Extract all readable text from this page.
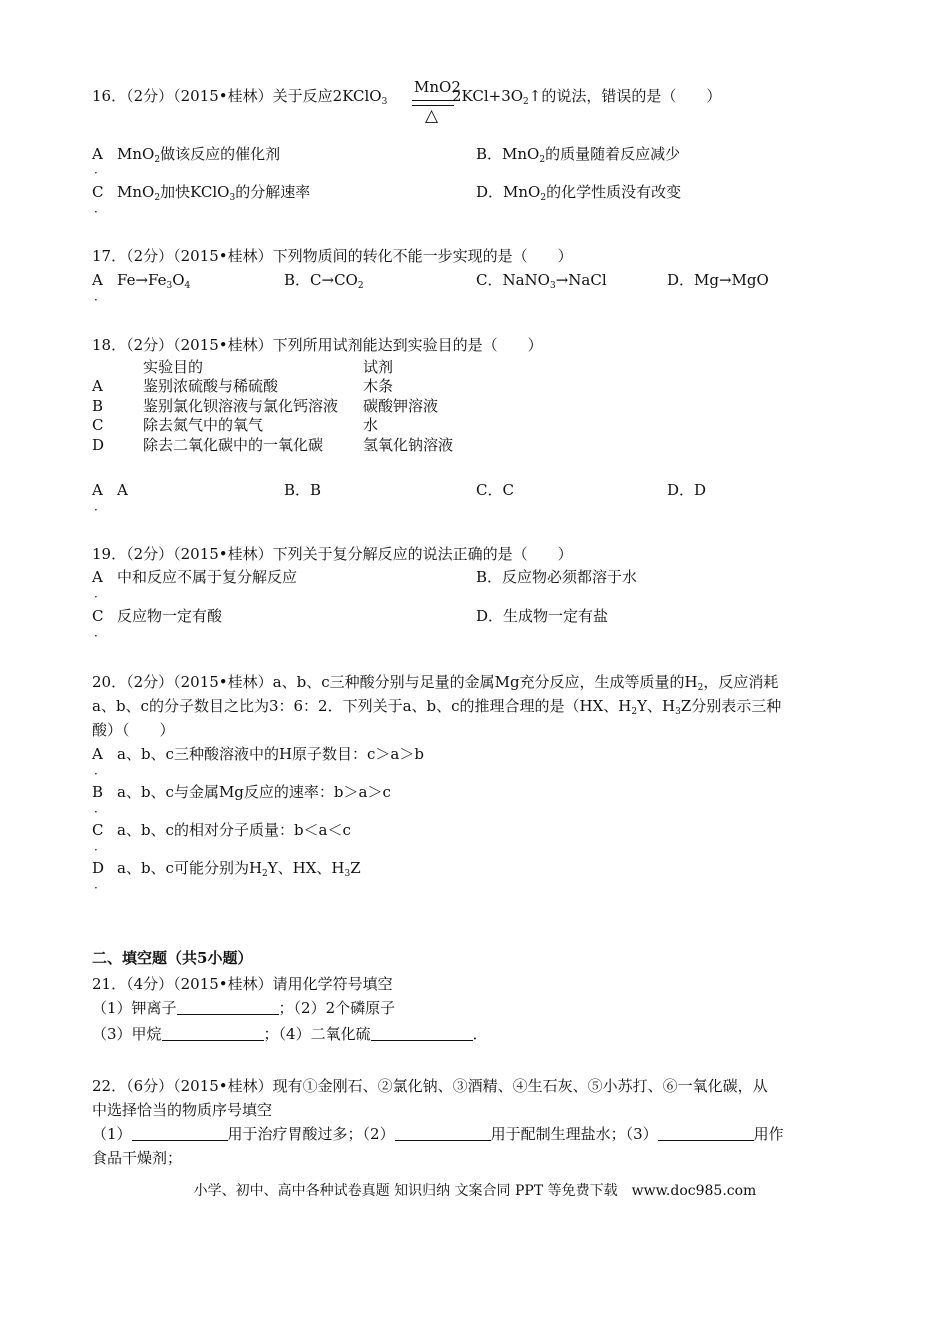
16．（2分）（2015•桂林）关于反应2KClO$_3$
MnO2
△
$2KCl+3O_2↑$的说法，错误的是（　　）
A
·
MnO$_2$做该反应的催化剂	B．MnO$_2$的质量随着反应减少
C
·
MnO$_2$加快KClO$_3$的分解速率	D．MnO$_2$的化学性质没有改变
17．（2分）（2015•桂林）下列物质间的转化不能一步实现的是（　　）
A
·
$Fe\to Fe_3O_4$	B．$C\to CO_2$	C．NaNO$_3$→NaCl	D．Mg→MgO
18．（2分）（2015•桂林）下列所用试剂能达到实验目的是（　　）
实验目的	试剂
A	鉴别浓硫酸与稀硫酸	木条
B	鉴别氯化钡溶液与氯化钙溶液 碳酸钾溶液
C	除去氮气中的氧气	水
D	除去二氧化碳中的一氧化碳	氢氧化钠溶液
A
·
A	B．B	C．C	D．D
19．（2分）（2015•桂林）下列关于复分解反应的说法正确的是（　　）
A
·
中和反应不属于复分解反应	B．反应物必须都溶于水
C
·
反应物一定有酸	D．生成物一定有盐
20．（2分）（2015•桂林）a、b、c三种酸分别与足量的金属Mg充分反应，生成等质量的$H_2$，反应消耗
a、b、c的分子数目之比为3：6：2．下列关于a、b、c的推理合理的是（HX、$H_2Y$、$H_3Z$分别表示三种
酸）（　　）
A
·
a、b、c三种酸溶液中的H原子数目：c＞a＞b
B
·
a、b、c与金属Mg反应的速率：b＞a＞c
C
·
a、b、c的相对分子质量：b＜a＜c
D
·
a、b、c可能分别为$H_2Y$、HX、$H_3Z$
二、填空题（共5小题）
21．（4分）（2015•桂林）请用化学符号填空
（1）钾离子	；（2）2个磷原子
（3）甲烷	；（4）二氧化硫	．
22．（6分）（2015•桂林）现有①金刚石、②氯化钠、③酒精、④生石灰、⑤小苏打、⑥一氧化碳，从
中选择恰当的物质序号填空
（1）	用于治疗胃酸过多；（2）	用于配制生理盐水；（3）	用作
食品干燥剂；
小学、初中、高中各种试卷真题 知识归纳 文案合同 PPT 等免费下载　www.doc985.com
